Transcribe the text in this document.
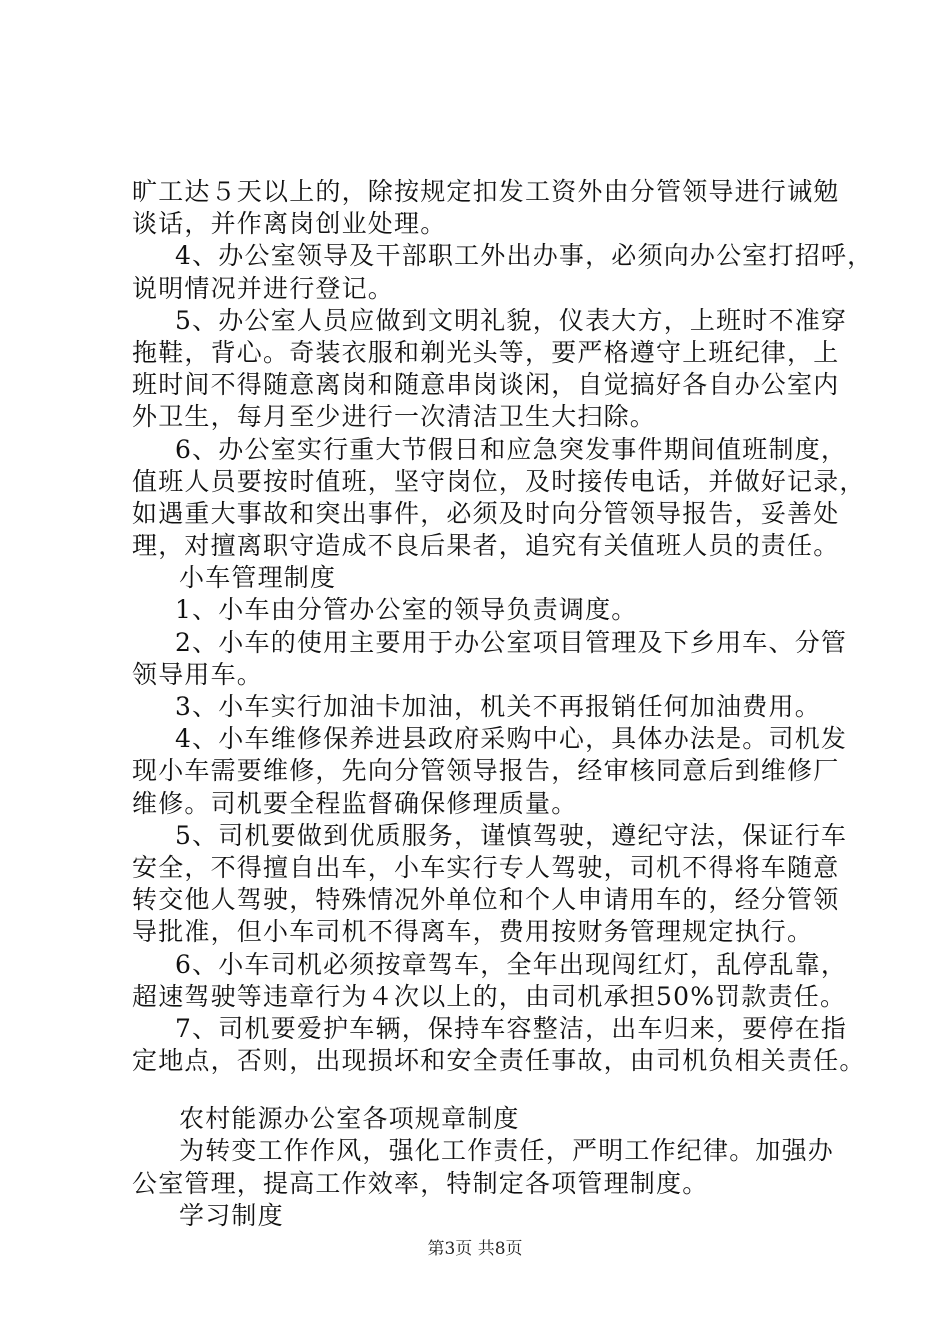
旷工达５天以上的，除按规定扣发工资外由分管领导进行诫勉
谈话，并作离岗创业处理。
4、办公室领导及干部职工外出办事，必须向办公室打招呼，
说明情况并进行登记。
5、办公室人员应做到文明礼貌，仪表大方，上班时不准穿
拖鞋，背心。奇装衣服和剃光头等，要严格遵守上班纪律，上
班时间不得随意离岗和随意串岗谈闲，自觉搞好各自办公室内
外卫生，每月至少进行一次清洁卫生大扫除。
6、办公室实行重大节假日和应急突发事件期间值班制度，
值班人员要按时值班，坚守岗位，及时接传电话，并做好记录，
如遇重大事故和突出事件，必须及时向分管领导报告，妥善处
理，对擅离职守造成不良后果者，追究有关值班人员的责任。
小车管理制度
1、小车由分管办公室的领导负责调度。
2、小车的使用主要用于办公室项目管理及下乡用车、分管
领导用车。
3、小车实行加油卡加油，机关不再报销任何加油费用。
4、小车维修保养进县政府采购中心，具体办法是。司机发
现小车需要维修，先向分管领导报告，经审核同意后到维修厂
维修。司机要全程监督确保修理质量。
5、司机要做到优质服务，谨慎驾驶，遵纪守法，保证行车
安全，不得擅自出车，小车实行专人驾驶，司机不得将车随意
转交他人驾驶，特殊情况外单位和个人申请用车的，经分管领
导批准，但小车司机不得离车，费用按财务管理规定执行。
6、小车司机必须按章驾车，全年出现闯红灯，乱停乱靠，
超速驾驶等违章行为４次以上的，由司机承担50%罚款责任。
7、司机要爱护车辆，保持车容整洁，出车归来，要停在指
定地点，否则，出现损坏和安全责任事故，由司机负相关责任。
农村能源办公室各项规章制度
为转变工作作风，强化工作责任，严明工作纪律。加强办
公室管理，提高工作效率，特制定各项管理制度。
学习制度
第3页 共8页
